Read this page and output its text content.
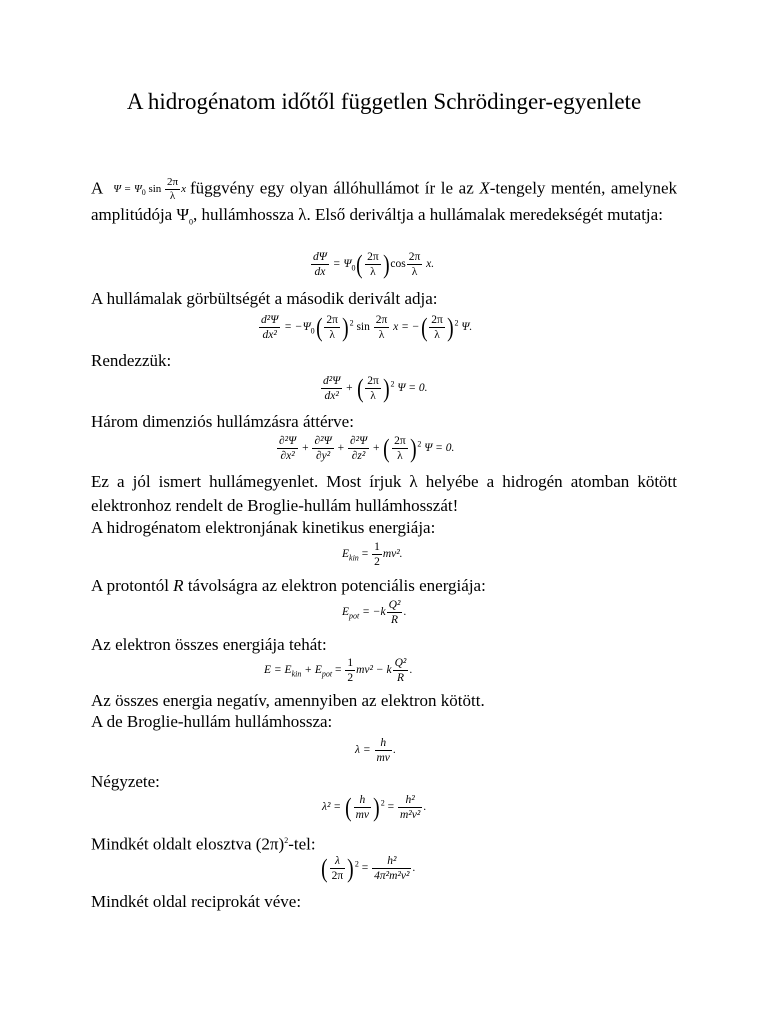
A hidrogénatom időtől független Schrödinger-egyenlete
A $\Psi = \Psi_0$ $\sin \frac{2\pi}{\lambda}$ x függvény egy olyan állóhullámot ír le az X-tengely mentén, amelynek amplitúdója $\Psi_0$, hullámhossza λ. Első deriváltja a hullámalak meredekségét mutatja:
$\frac{d\Psi}{dx} = \Psi_0( \frac{2\pi}{\lambda} )\cos \frac{2\pi}{\lambda} x$.
A hullámalak görbültségét a második derivált adja:
$\frac{\text{d²Ψ}}{\text{dx²}} = -\Psi_0( \frac{2\pi}{\lambda} )^2$ $\sin \frac{2\pi}{\lambda}$ x = −( $\frac{2\pi}{\lambda} )^2$ Ψ.
Rendezzük:
$\frac{\text{d²Ψ}}{\text{dx²}}$ + ( $\frac{2\pi}{\lambda} )^2$ Ψ = 0.
Három dimenziós hullámzásra áttérve:
$\frac{\text{∂²Ψ}}{\text{∂x²}} + \frac{\text{∂²Ψ}}{\text{∂y²}} + \frac{\text{∂²Ψ}}{\text{∂z²}}$ + ( $\frac{2\pi}{\lambda} )^2$ Ψ = 0.
Ez a jól ismert hullámegyenlet. Most írjuk λ helyébe a hidrogén atomban kötött elektronhoz rendelt de Broglie-hullám hullámhosszát!
A hidrogénatom elektronjának kinetikus energiája:
$E_{kin} = \frac{1}{2} mv^2$.
A protontól R távolságra az elektron potenciális energiája:
$E_{pot} = -k \frac{\text{Q²}}{R}$ .
Az elektron összes energiája tehát:
$E = E_{kin} + E_{pot} = \frac{1}{2} mv^2 - k \frac{\text{Q²}}{R}$ .
Az összes energia negatív, amennyiben az elektron kötött.
A de Broglie-hullám hullámhossza:
$\lambda = \frac{h}{mv}$ .
Négyzete:
λ² = ( $\frac{h}{mv} )^2 = \frac{\text{h²}}{\text{m²v²}}$ .
Mindkét oldalt elosztva $(2\pi)^2$-tel:
( $\frac{\lambda}{2\pi} )^2 = \frac{\text{h²}}{\text{4π²m²v²}}$ .
Mindkét oldal reciprokát véve:
